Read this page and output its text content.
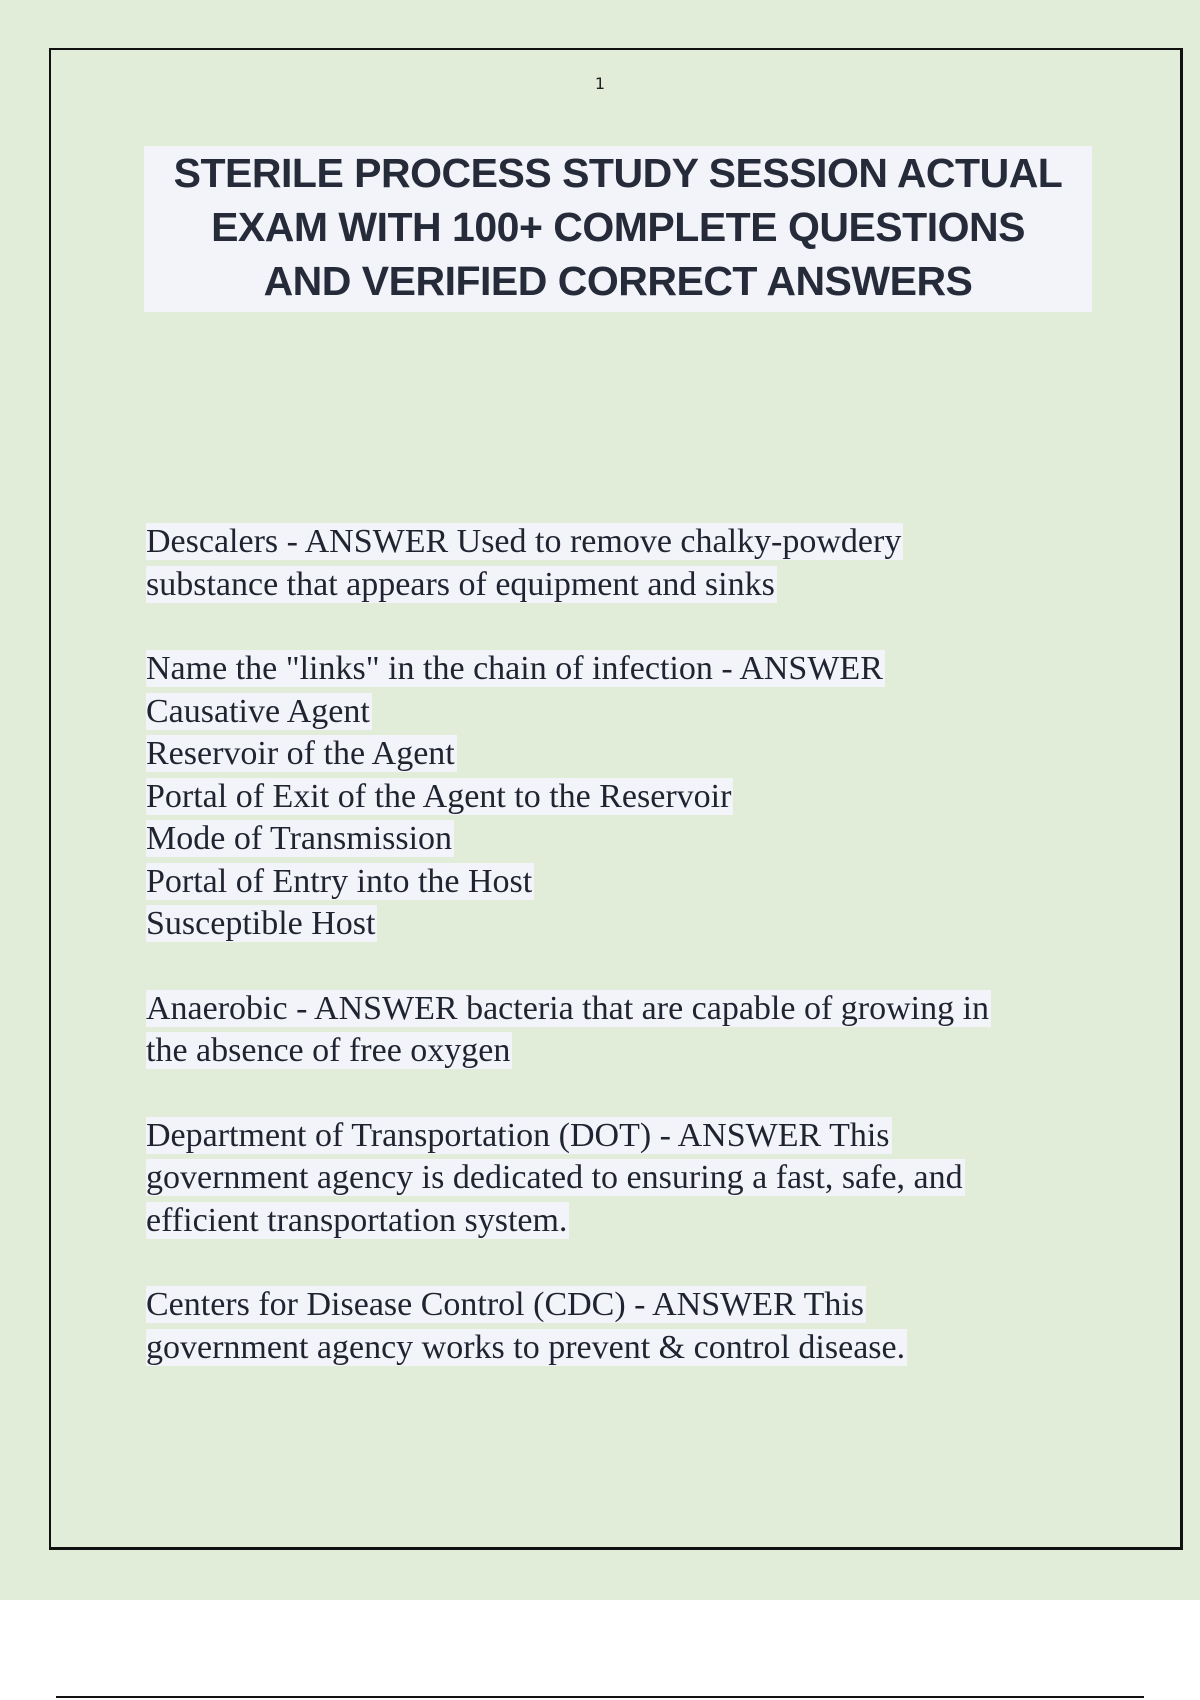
1
STERILE PROCESS STUDY SESSION ACTUAL
EXAM WITH 100+ COMPLETE QUESTIONS
AND VERIFIED CORRECT ANSWERS
Descalers - ANSWER Used to remove chalky-powdery
substance that appears of equipment and sinks
Name the "links" in the chain of infection - ANSWER
Causative Agent
Reservoir of the Agent
Portal of Exit of the Agent to the Reservoir
Mode of Transmission
Portal of Entry into the Host
Susceptible Host
Anaerobic - ANSWER bacteria that are capable of growing in
the absence of free oxygen
Department of Transportation (DOT) - ANSWER This
government agency is dedicated to ensuring a fast, safe, and
efficient transportation system.
Centers for Disease Control (CDC) - ANSWER This
government agency works to prevent & control disease.
